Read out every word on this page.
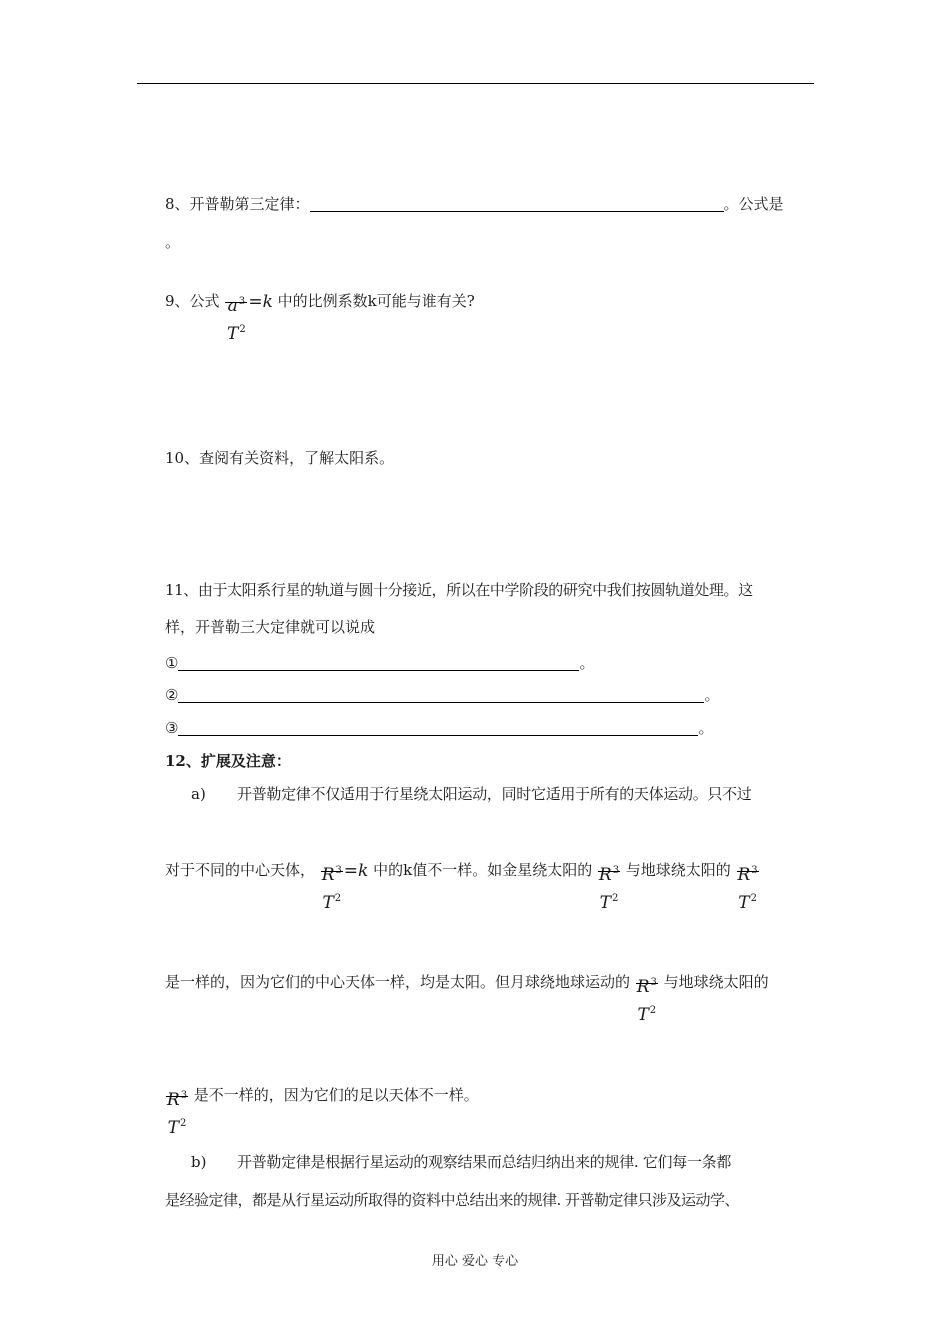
8、开普勒第三定律：	。公式是
。
9、公式 $a^3$
$T^2$
=k 中的比例系数k可能与谁有关?
10、查阅有关资料，了解太阳系。
11、由于太阳系行星的轨道与圆十分接近，所以在中学阶段的研究中我们按圆轨道处理。这
样，开普勒三大定律就可以说成
①	。
②	。
③	。
12、扩展及注意：
a) 开普勒定律不仅适用于行星绕太阳运动，同时它适用于所有的天体运动。只不过
对于不同的中心天体， $R^3$
$T^2$
=k 中的k值不一样。如金星绕太阳的 $R^3$
$T^2$
与地球绕太阳的 $R^3$
$T^2$
是一样的，因为它们的中心天体一样，均是太阳。但月球绕地球运动的 $R^3$
$T^2$
与地球绕太阳的
$R^3$
$T^2$
是不一样的，因为它们的足以天体不一样。
b) 开普勒定律是根据行星运动的观察结果而总结归纳出来的规律. 它们每一条都
是经验定律，都是从行星运动所取得的资料中总结出来的规律. 开普勒定律只涉及运动学、
用心 爱心 专心
